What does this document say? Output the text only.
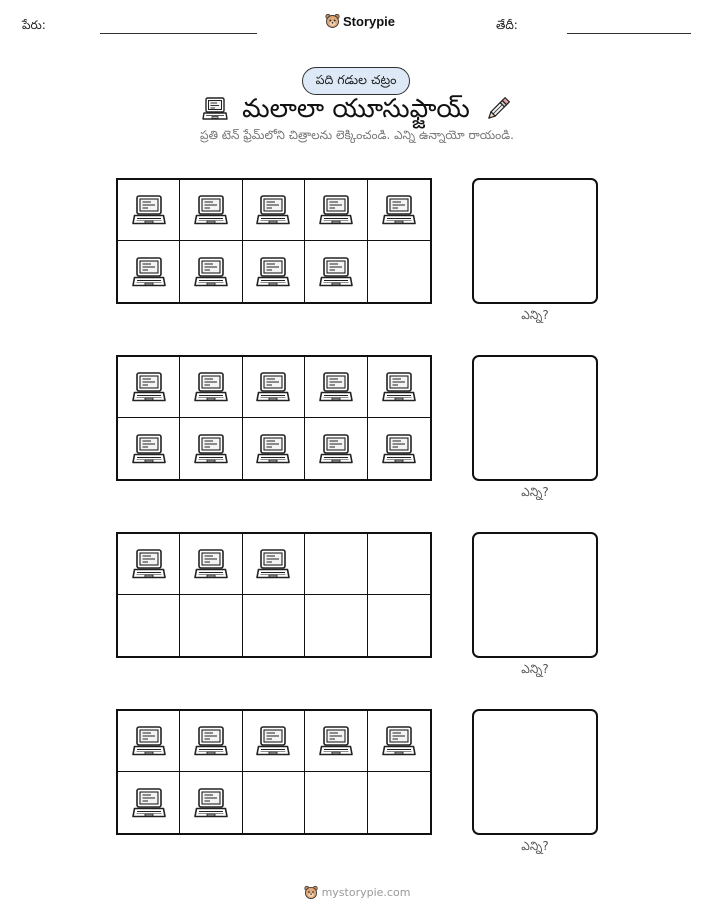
పేరు:	Storypie	తేదీ:
పది గడుల చట్రం
మలాలా యూసుఫ్జాయ్
ప్రతి టెన్ ఫ్రేమ్‌లోని చిత్రాలను లెక్కించండి. ఎన్ని ఉన్నాయో రాయండి.
ఎన్ని?
ఎన్ని?
ఎన్ని?
ఎన్ని?
mystorypie.com
